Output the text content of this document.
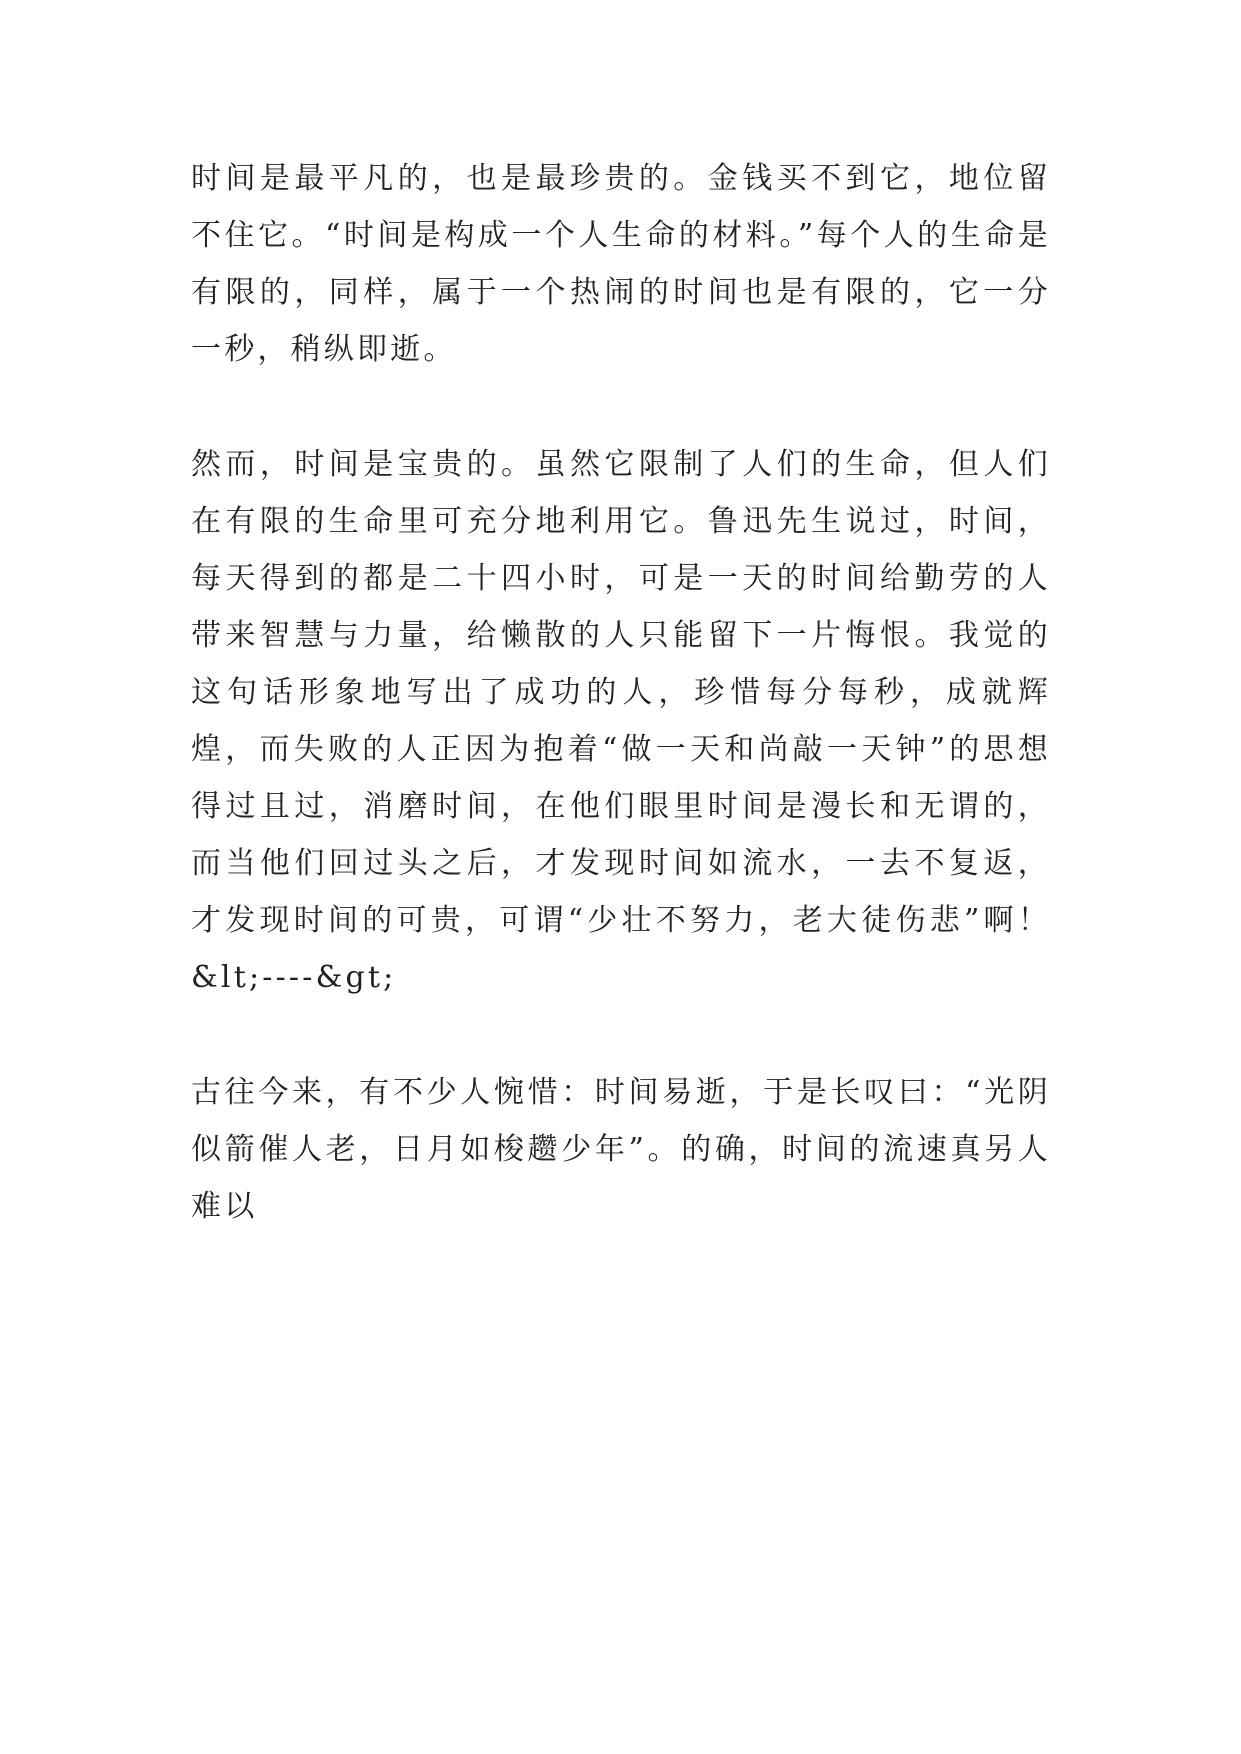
时间是最平凡的，也是最珍贵的。金钱买不到它，地位留不住它。“时间是构成一个人生命的材料。”每个人的生命是有限的，同样，属于一个热闹的时间也是有限的，它一分一秒，稍纵即逝。

然而，时间是宝贵的。虽然它限制了人们的生命，但人们在有限的生命里可充分地利用它。鲁迅先生说过，时间，每天得到的都是二十四小时，可是一天的时间给勤劳的人带来智慧与力量，给懒散的人只能留下一片悔恨。我觉的这句话形象地写出了成功的人，珍惜每分每秒，成就辉煌，而失败的人正因为抱着“做一天和尚敲一天钟”的思想得过且过，消磨时间，在他们眼里时间是漫长和无谓的， 而当他们回过头之后，才发现时间如流水，一去不复返，才发现时间的可贵，可谓“少壮不努力，老大徒伤悲”啊！ &lt;----&gt;

古往今来，有不少人惋惜：时间易逝，于是长叹曰：“光阴似箭催人老，日月如梭趱少年”。的确，时间的流速真另人难以
